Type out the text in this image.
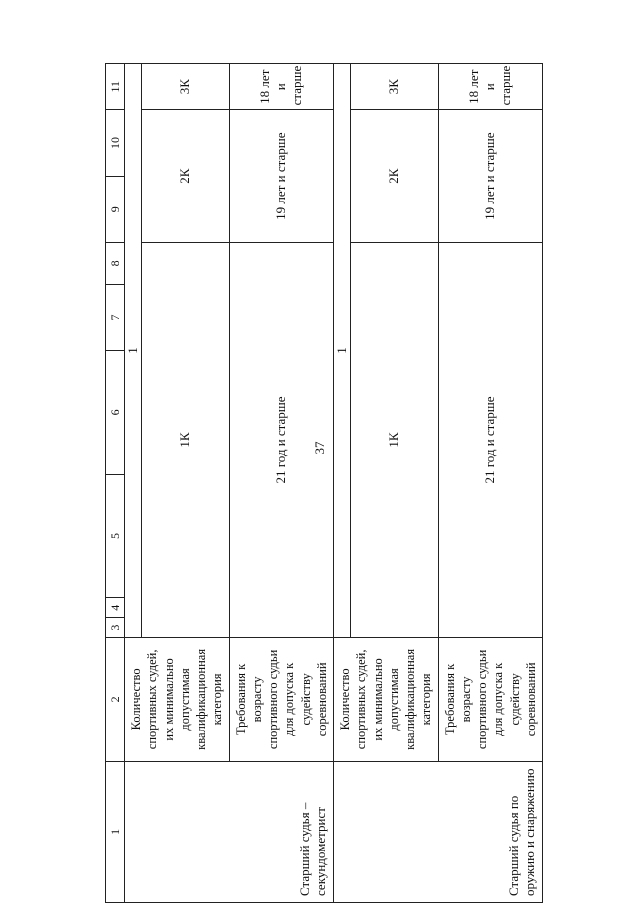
37
1	2	3	4	5	6	7	8	9	10	11
Старший судья – секундометрист	Количество спортивных судей, их минимально допустимая квалификационная категория	1								
		1К						2К		3К
	Требования к возрасту спортивного судьи для допуска к судейству соревнований	21 год и старше						19 лет и старше		18 лет и старше
Старший судья по оружию и снаряжению	Количество спортивных судей, их минимально допустимая квалификационная категория	1								
		1К						2К		3К
	Требования к возрасту спортивного судьи для допуска к судейству соревнований	21 год и старше						19 лет и старше		18 лет и старше
